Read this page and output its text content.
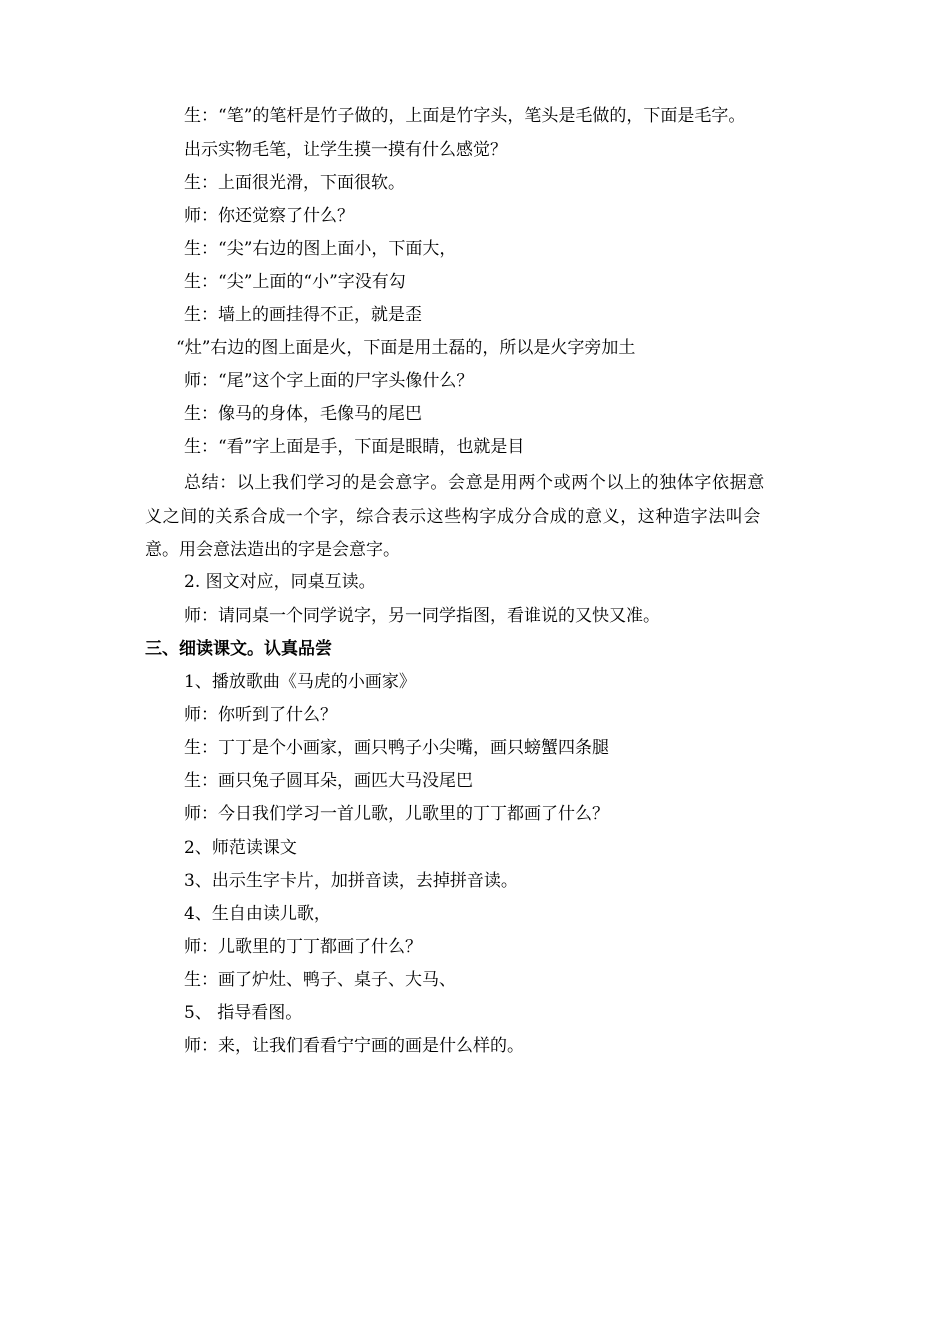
生：“笔”的笔杆是竹子做的，上面是竹字头，笔头是毛做的，下面是毛字。
出示实物毛笔，让学生摸一摸有什么感觉？
生：上面很光滑，下面很软。
师：你还觉察了什么？
生：“尖”右边的图上面小，下面大，
生：“尖”上面的“小”字没有勾
生：墙上的画挂得不正，就是歪
“灶”右边的图上面是火，下面是用土磊的，所以是火字旁加土
师：“尾”这个字上面的尸字头像什么？
生：像马的身体，毛像马的尾巴
生：“看”字上面是手，下面是眼睛，也就是目
总结：以上我们学习的是会意字。会意是用两个或两个以上的独体字依据意
义之间的关系合成一个字，综合表示这些构字成分合成的意义，这种造字法叫会
意。用会意法造出的字是会意字。
2. 图文对应，同桌互读。
师：请同桌一个同学说字，另一同学指图，看谁说的又快又准。
三、细读课文。认真品尝
1、播放歌曲《马虎的小画家》
师：你听到了什么？
生：丁丁是个小画家，画只鸭子小尖嘴，画只螃蟹四条腿
生：画只兔子圆耳朵，画匹大马没尾巴
师：今日我们学习一首儿歌，儿歌里的丁丁都画了什么？
2、师范读课文
3、出示生字卡片，加拼音读，去掉拼音读。
4、生自由读儿歌，
师：儿歌里的丁丁都画了什么？
生：画了炉灶、鸭子、桌子、大马、
5、 指导看图。
师：来，让我们看看宁宁画的画是什么样的。
